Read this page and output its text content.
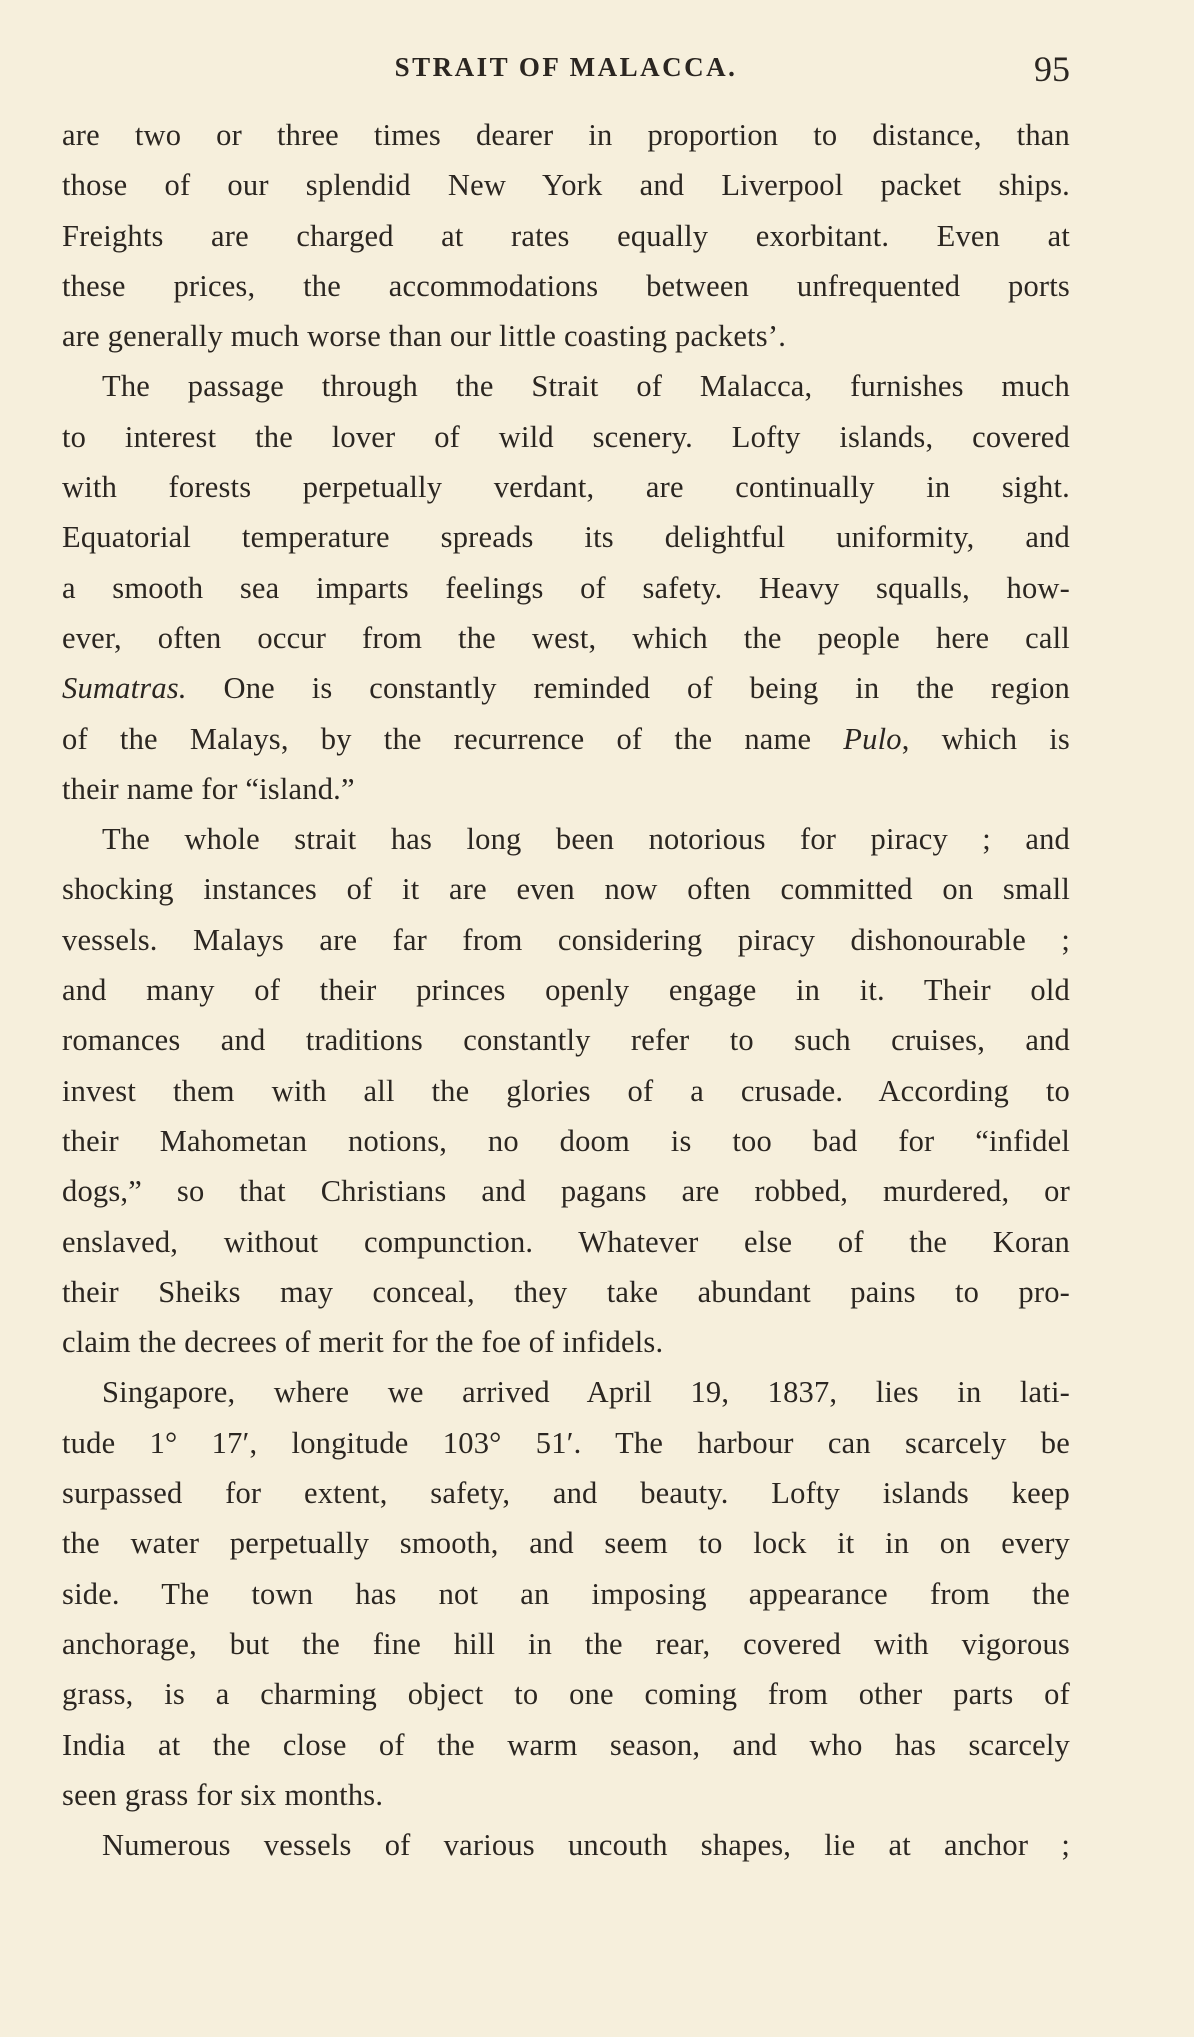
STRAIT OF MALACCA.	95
are two or three times dearer in proportion to distance, than
those of our splendid New York and Liverpool packet ships.
Freights are charged at rates equally exorbitant. Even at
these prices, the accommodations between unfrequented ports
are generally much worse than our little coasting packets’.
The passage through the Strait of Malacca, furnishes much
to interest the lover of wild scenery. Lofty islands, covered
with forests perpetually verdant, are continually in sight.
Equatorial temperature spreads its delightful uniformity, and
a smooth sea imparts feelings of safety. Heavy squalls, how-
ever, often occur from the west, which the people here call
Sumatras. One is constantly reminded of being in the region
of the Malays, by the recurrence of the name Pulo, which is
their name for “island.”
The whole strait has long been notorious for piracy ; and
shocking instances of it are even now often committed on small
vessels. Malays are far from considering piracy dishonourable ;
and many of their princes openly engage in it. Their old
romances and traditions constantly refer to such cruises, and
invest them with all the glories of a crusade. According to
their Mahometan notions, no doom is too bad for “infidel
dogs,” so that Christians and pagans are robbed, murdered, or
enslaved, without compunction. Whatever else of the Koran
their Sheiks may conceal, they take abundant pains to pro-
claim the decrees of merit for the foe of infidels.
Singapore, where we arrived April 19, 1837, lies in lati-
tude 1° 17′, longitude 103° 51′. The harbour can scarcely be
surpassed for extent, safety, and beauty. Lofty islands keep
the water perpetually smooth, and seem to lock it in on every
side. The town has not an imposing appearance from the
anchorage, but the fine hill in the rear, covered with vigorous
grass, is a charming object to one coming from other parts of
India at the close of the warm season, and who has scarcely
seen grass for six months.
Numerous vessels of various uncouth shapes, lie at anchor ;
